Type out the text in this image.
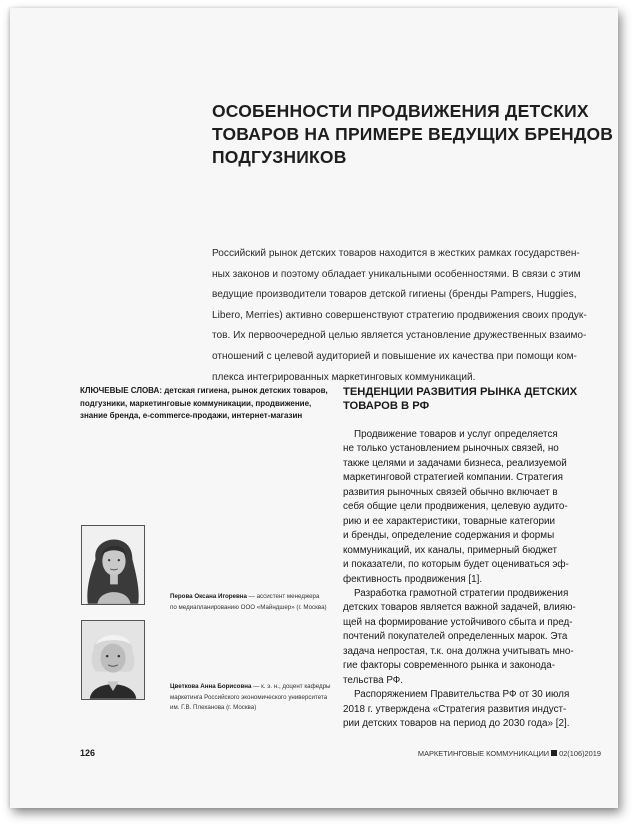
ОСОБЕННОСТИ ПРОДВИЖЕНИЯ ДЕТСКИХ
ТОВАРОВ НА ПРИМЕРЕ ВЕДУЩИХ БРЕНДОВ
ПОДГУЗНИКОВ
Российский рынок детских товаров находится в жестких рамках государствен-
ных законов и поэтому обладает уникальными особенностями. В связи с этим
ведущие производители товаров детской гигиены (бренды Pampers, Huggies,
Libero, Merries) активно совершенствуют стратегию продвижения своих продук-
тов. Их первоочередной целью является установление дружественных взаимо-
отношений с целевой аудиторией и повышение их качества при помощи ком-
плекса интегрированных маркетинговых коммуникаций.
КЛЮЧЕВЫЕ СЛОВА: детская гигиена, рынок детских товаров,
подгузники, маркетинговые коммуникации, продвижение,
знание бренда, e-commerce-продажи, интернет-магазин
ТЕНДЕНЦИИ РАЗВИТИЯ РЫНКА ДЕТСКИХ
ТОВАРОВ В РФ
Продвижение товаров и услуг определяется
не только установлением рыночных связей, но
также целями и задачами бизнеса, реализуемой
маркетинговой стратегией компании. Стратегия
развития рыночных связей обычно включает в
себя общие цели продвижения, целевую аудито-
рию и ее характеристики, товарные категории
и бренды, определение содержания и формы
коммуникаций, их каналы, примерный бюджет
и показатели, по которым будет оцениваться эф-
фективность продвижения [1].
Разработка грамотной стратегии продвижения
детских товаров является важной задачей, влияю-
щей на формирование устойчивого сбыта и пред-
почтений покупателей определенных марок. Эта
задача непростая, т.к. она должна учитывать мно-
гие факторы современного рынка и законода-
тельства РФ.
Распоряжением Правительства РФ от 30 июля
2018 г. утверждена «Стратегия развития индуст-
рии детских товаров на период до 2030 года» [2].
Перова Оксана Игоревна — ассистент менеджера
по медиапланированию ООО «Майндшер» (г. Москва)
Цветкова Анна Борисовна — к. э. н., доцент кафедры
маркетинга Российского экономического университета
им. Г.В. Плеханова (г. Москва)
126	МАРКЕТИНГОВЫЕ КОММУНИКАЦИИ 02(106)2019
